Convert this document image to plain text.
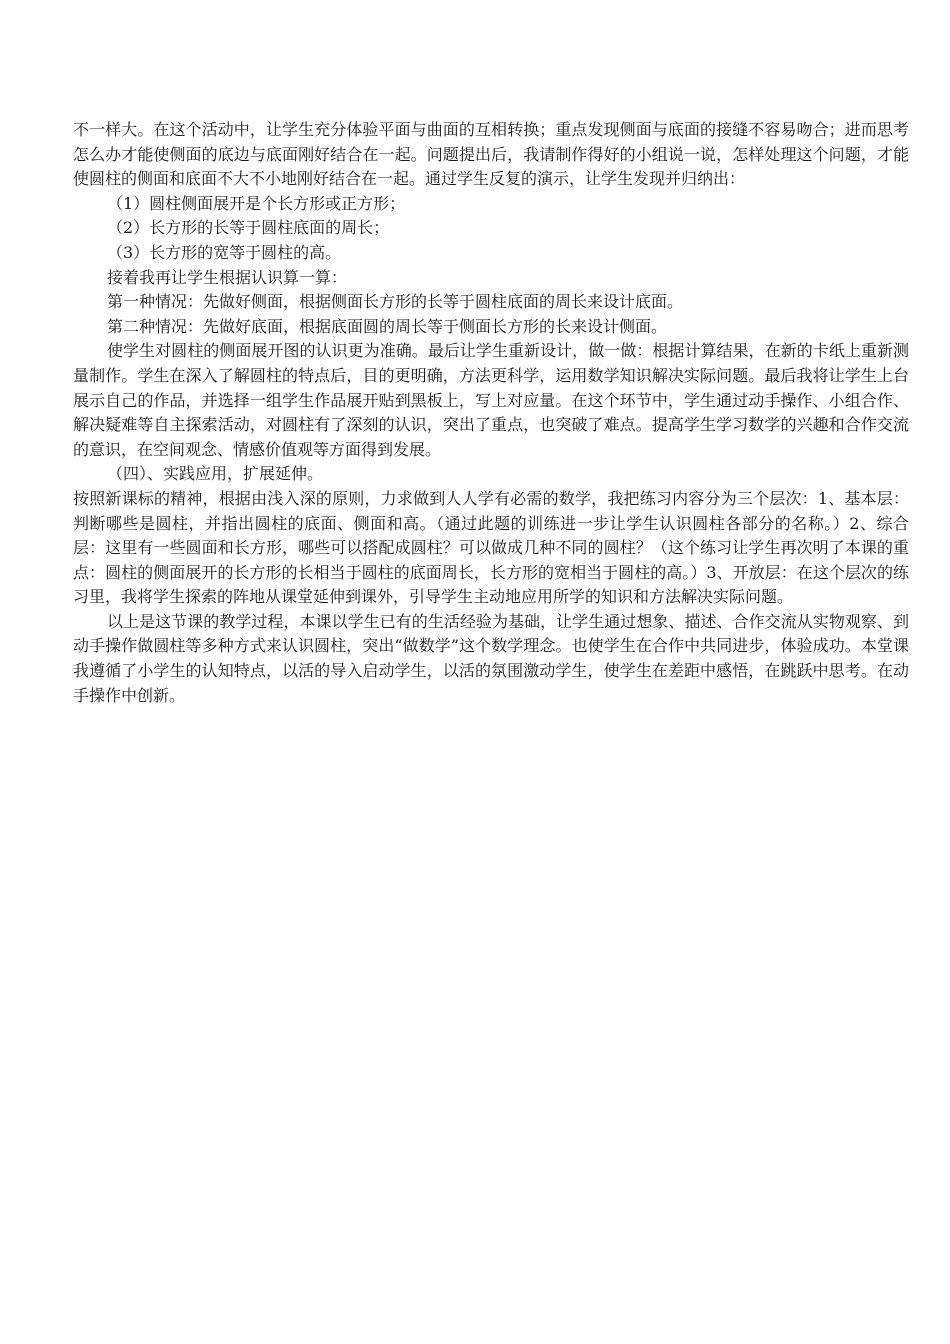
不一样大。在这个活动中，让学生充分体验平面与曲面的互相转换；重点发现侧面与底面的接缝不容易吻合；进而思考怎么办才能使侧面的底边与底面刚好结合在一起。问题提出后，我请制作得好的小组说一说，怎样处理这个问题，才能使圆柱的侧面和底面不大不小地刚好结合在一起。通过学生反复的演示，让学生发现并归纳出：

（1）圆柱侧面展开是个长方形或正方形；

（2）长方形的长等于圆柱底面的周长；

（3）长方形的宽等于圆柱的高。

接着我再让学生根据认识算一算：

第一种情况：先做好侧面，根据侧面长方形的长等于圆柱底面的周长来设计底面。

第二种情况：先做好底面，根据底面圆的周长等于侧面长方形的长来设计侧面。

使学生对圆柱的侧面展开图的认识更为准确。最后让学生重新设计，做一做：根据计算结果，在新的卡纸上重新测量制作。学生在深入了解圆柱的特点后，目的更明确，方法更科学，运用数学知识解决实际问题。最后我将让学生上台展示自己的作品，并选择一组学生作品展开贴到黑板上，写上对应量。在这个环节中，学生通过动手操作、小组合作、解决疑难等自主探索活动，对圆柱有了深刻的认识，突出了重点，也突破了难点。提高学生学习数学的兴趣和合作交流的意识，在空间观念、情感价值观等方面得到发展。

（四）、实践应用，扩展延伸。

按照新课标的精神，根据由浅入深的原则，力求做到人人学有必需的数学，我把练习内容分为三个层次：1、基本层：判断哪些是圆柱，并指出圆柱的底面、侧面和高。（通过此题的训练进一步让学生认识圆柱各部分的名称。）2、综合层：这里有一些圆面和长方形，哪些可以搭配成圆柱？可以做成几种不同的圆柱？（这个练习让学生再次明了本课的重点：圆柱的侧面展开的长方形的长相当于圆柱的底面周长，长方形的宽相当于圆柱的高。）3、开放层：在这个层次的练习里，我将学生探索的阵地从课堂延伸到课外，引导学生主动地应用所学的知识和方法解决实际问题。

以上是这节课的教学过程，本课以学生已有的生活经验为基础，让学生通过想象、描述、合作交流从实物观察、到动手操作做圆柱等多种方式来认识圆柱，突出“做数学”这个数学理念。也使学生在合作中共同进步，体验成功。本堂课我遵循了小学生的认知特点，以活的导入启动学生，以活的氛围激动学生，使学生在差距中感悟，在跳跃中思考。在动手操作中创新。
